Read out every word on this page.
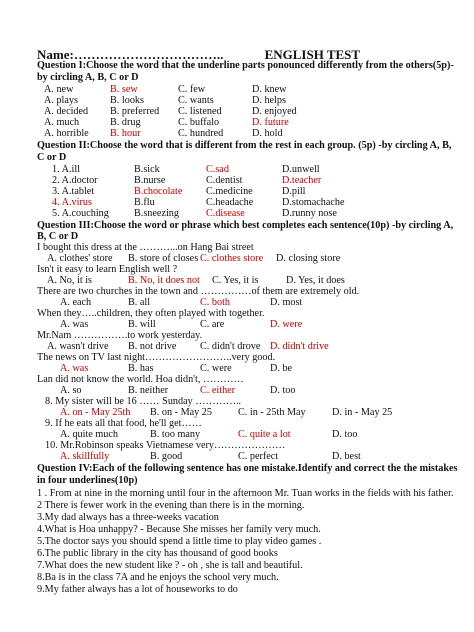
Name:……………………………..	ENGLISH TEST
Question I:Choose the word that the underline parts ponounced differently from the others(5p)-
by circling A, B, C or D
A. new	B. sew	C. few	D. knew
A. plays	B. looks	C. wants	D. helps
A. decided B. preferred C. listened	D. enjoyed
A. much	B. drug	C. buffalo	D. future
A. horrible B. hour	C. hundred	D. hold
Question II:Choose the word that is different from the rest in each group. (5p) -by circling A, B,
C or D
1. A.ill	B.sick	C.sad	D.unwell
2. A.doctor	B.nurse	C.dentist	D.teacher
3. A.tablet	B.chocolate C.medicine	D.pill
4. A.virus	B.flu	C.headache	D.stomachache
5. A.couching B.sneezing	C.disease	D.runny nose
Question III:Choose the word or phrase which best completes each sentence(10p) -by circling A,
B, C or D
I bought this dress at the ………...on Hang Bai street
A. clothes' store B. store of closes C. clothes store D. closing store
Isn't it easy to learn English well ?
A. No, it is	B. No, it does not C. Yes, it is	D. Yes, it does
There are two churches in the town and ……………of them are extremely old.
A. each	B. all	C. both	D. most
When they…..children, they often played with together.
A. was	B. will	C. are	D. were
Mr.Nam …………….to work yesterday.
A. wasn't drive B. not drive C. didn't drove D. didn't drive
The news on TV last night……………………..very good.
A. was	B. has	C. were	D. be
Lan did not know the world. Hoa didn't, …………
A. so	B. neither	C. either	D. too
8. My sister will be 16 …… Sunday …………..
A. on - May 25th B. on - May 25	C. in - 25th May	D. in - May 25
9. If he eats all that food, he'll get……
A. quite much	B. too many	C. quite a lot	D. too
10. Mr.Robinson speaks Vietnamese very…………………
A. skillfully	B. good	C. perfect	D. best
Question IV:Each of the following sentence has one mistake.Identify and correct the the mistakes
in four underlines(10p)
1 . From at nine in the morning until four in the afternoon Mr. Tuan works in the fields with his father.
2 There is fewer work in the evening than there is in the morning.
3.My dad always has a three-weeks vacation
4.What is Hoa unhappy? - Because She misses her family very much.
5.The doctor says you should spend a little time to play video games .
6.The public library in the city has thousand of good books
7.What does the new student like ? - oh , she is tall and beautiful.
8.Ba is in the class 7A and he enjoys the school very much.
9.My father always has a lot of houseworks to do
